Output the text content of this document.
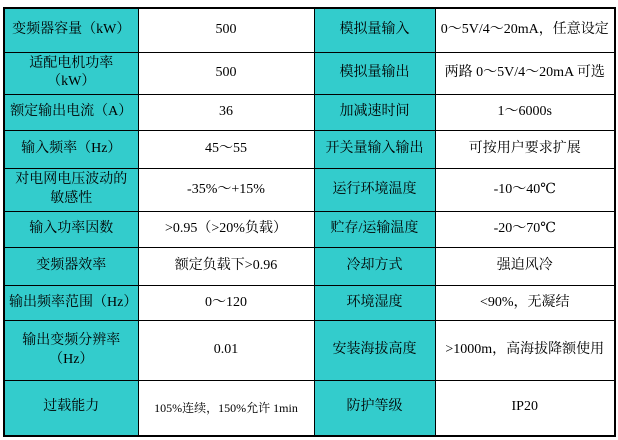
变频器容量（kW）	500	模拟量输入	0～5V/4～20mA，任意设定
适配电机功率（kW）	500	模拟量输出	两路 0～5V/4～20mA 可选
额定输出电流（A）	36	加减速时间	1～6000s
输入频率（Hz）	45～55	开关量输入输出	可按用户要求扩展
对电网电压波动的敏感性	-35%～+15%	运行环境温度	-10～40℃
输入功率因数	>0.95（>20%负载）	贮存/运输温度	-20～70℃
变频器效率	额定负载下>0.96	冷却方式	强迫风冷
输出频率范围（Hz）	0～120	环境湿度	<90%，无凝结
输出变频分辨率（Hz）	0.01	安装海拔高度	>1000m，高海拔降额使用
过载能力	105%连续，150%允许 1min	防护等级	IP20
